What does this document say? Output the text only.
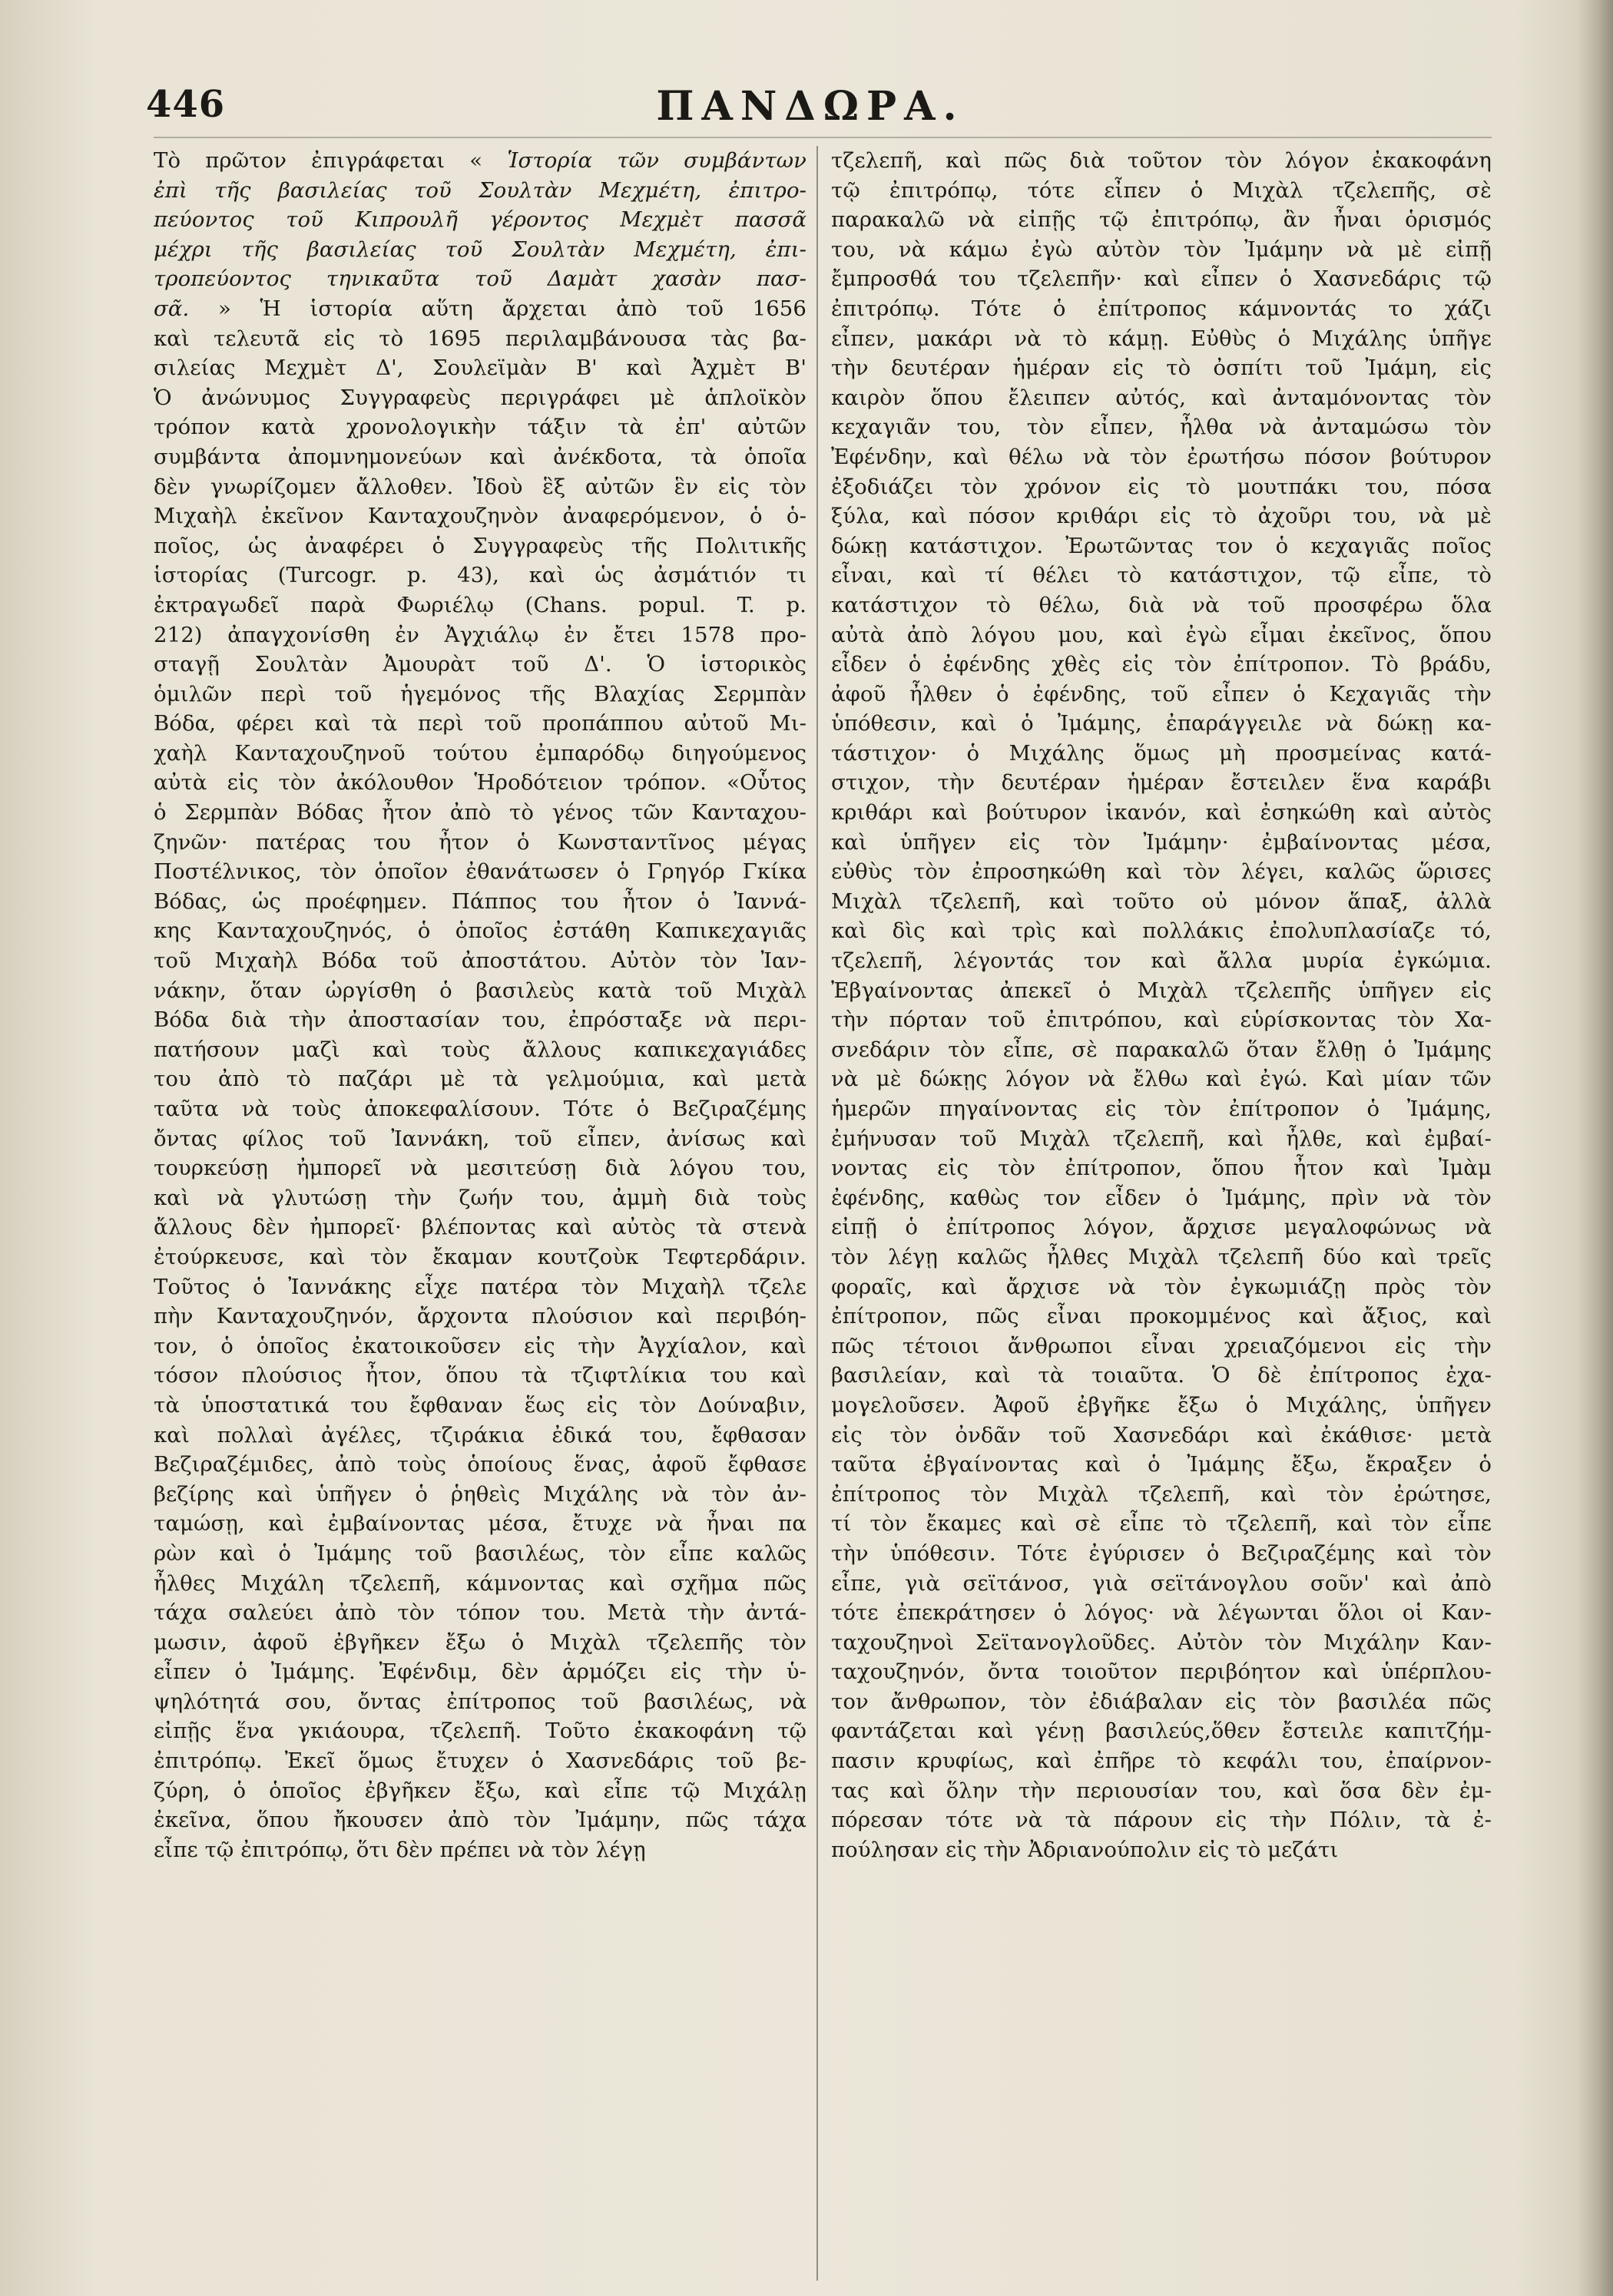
446	ΠΑΝΔΩΡΑ.
Τὸ πρῶτον ἐπιγράφεται « Ἱστορία τῶν συμβάντων
ἐπὶ τῆς βασιλείας τοῦ Σουλτὰν Μεχμέτη, ἐπιτρο-
πεύοντος τοῦ Κιπρουλῆ γέροντος Μεχμὲτ πασσᾶ
μέχρι τῆς βασιλείας τοῦ Σουλτὰν Μεχμέτη, ἐπι-
τροπεύοντος τηνικαῦτα τοῦ Δαμὰτ χασὰν πασ-
σᾶ. » Ἡ ἱστορία αὕτη ἄρχεται ἀπὸ τοῦ 1656
καὶ τελευτᾶ εἰς τὸ 1695 περιλαμβάνουσα τὰς βα-
σιλείας Μεχμὲτ Δ', Σουλεϊμὰν Β' καὶ Ἀχμὲτ Β'
Ὁ ἀνώνυμος Συγγραφεὺς περιγράφει μὲ ἁπλοϊκὸν
τρόπον κατὰ χρονολογικὴν τάξιν τὰ ἐπ' αὐτῶν
συμβάντα ἀπομνημονεύων καὶ ἀνέκδοτα, τὰ ὁποῖα
δὲν γνωρίζομεν ἄλλοθεν. Ἰδοὺ ἓξ αὐτῶν ἓν εἰς τὸν
Μιχαὴλ ἐκεῖνον Κανταχουζηνὸν ἀναφερόμενον, ὁ ὁ-
ποῖος, ὡς ἀναφέρει ὁ Συγγραφεὺς τῆς Πολιτικῆς
ἱστορίας (Turcogr. p. 43), καὶ ὡς ἀσμάτιόν τι
ἐκτραγωδεῖ παρὰ Φωριέλῳ (Chans. popul. T. p.
212) ἀπαγχονίσθη ἐν Ἀγχιάλῳ ἐν ἔτει 1578 προ-
σταγῇ Σουλτὰν Ἀμουρὰτ τοῦ Δ'. Ὁ ἱστορικὸς
ὁμιλῶν περὶ τοῦ ἡγεμόνος τῆς Βλαχίας Σερμπὰν
Βόδα, φέρει καὶ τὰ περὶ τοῦ προπάππου αὐτοῦ Μι-
χαὴλ Κανταχουζηνοῦ τούτου ἐμπαρόδῳ διηγούμενος
αὐτὰ εἰς τὸν ἀκόλουθον Ἡροδότειον τρόπον. «Οὗτος
ὁ Σερμπὰν Βόδας ἦτον ἀπὸ τὸ γένος τῶν Κανταχου-
ζηνῶν· πατέρας του ἦτον ὁ Κωνσταντῖνος μέγας
Ποστέλνικος, τὸν ὁποῖον ἐθανάτωσεν ὁ Γρηγόρ Γκίκα
Βόδας, ὡς προέφημεν. Πάππος του ἦτον ὁ Ἰαννά-
κης Κανταχουζηνός, ὁ ὁποῖος ἐστάθη Καπικεχαγιᾶς
τοῦ Μιχαὴλ Βόδα τοῦ ἀποστάτου. Αὐτὸν τὸν Ἰαν-
νάκην, ὅταν ὠργίσθη ὁ βασιλεὺς κατὰ τοῦ Μιχὰλ
Βόδα διὰ τὴν ἀποστασίαν του, ἐπρόσταξε νὰ περι-
πατήσουν μαζὶ καὶ τοὺς ἄλλους καπικεχαγιάδες
του ἀπὸ τὸ παζάρι μὲ τὰ γελμούμια, καὶ μετὰ
ταῦτα νὰ τοὺς ἀποκεφαλίσουν. Τότε ὁ Βεζιραζέμης
ὄντας φίλος τοῦ Ἰαννάκη, τοῦ εἶπεν, ἀνίσως καὶ
τουρκεύσῃ ἠμπορεῖ νὰ μεσιτεύσῃ διὰ λόγου του,
καὶ νὰ γλυτώσῃ τὴν ζωήν του, ἀμμὴ διὰ τοὺς
ἄλλους δὲν ἠμπορεῖ· βλέποντας καὶ αὐτὸς τὰ στενὰ
ἐτούρκευσε, καὶ τὸν ἔκαμαν κουτζοὺκ Τεφτερδάριν.
Τοῦτος ὁ Ἰαννάκης εἶχε πατέρα τὸν Μιχαὴλ τζελε
πὴν Κανταχουζηνόν, ἄρχοντα πλούσιον καὶ περιβόη-
τον, ὁ ὁποῖος ἐκατοικοῦσεν εἰς τὴν Ἀγχίαλον, καὶ
τόσον πλούσιος ἦτον, ὅπου τὰ τζιφτλίκια του καὶ
τὰ ὑποστατικά του ἔφθαναν ἕως εἰς τὸν Δούναβιν,
καὶ πολλαὶ ἀγέλες, τζιράκια ἐδικά του, ἔφθασαν
Βεζιραζέμιδες, ἀπὸ τοὺς ὁποίους ἕνας, ἀφοῦ ἔφθασε
βεζίρης καὶ ὑπῆγεν ὁ ῥηθεὶς Μιχάλης νὰ τὸν ἀν-
ταμώσῃ, καὶ ἐμβαίνοντας μέσα, ἔτυχε νὰ ἦναι πα
ρὼν καὶ ὁ Ἰμάμης τοῦ βασιλέως, τὸν εἶπε καλῶς
ἦλθες Μιχάλη τζελεπῆ, κάμνοντας καὶ σχῆμα πῶς
τάχα σαλεύει ἀπὸ τὸν τόπον του. Μετὰ τὴν ἀντά-
μωσιν, ἀφοῦ ἐβγῆκεν ἔξω ὁ Μιχὰλ τζελεπῆς τὸν
εἶπεν ὁ Ἰμάμης. Ἐφένδιμ, δὲν ἁρμόζει εἰς τὴν ὑ-
ψηλότητά σου, ὄντας ἐπίτροπος τοῦ βασιλέως, νὰ
εἰπῇς ἕνα γκιάουρα, τζελεπῆ. Τοῦτο ἐκακοφάνη τῷ
ἐπιτρόπῳ. Ἐκεῖ ὅμως ἔτυχεν ὁ Χασνεδάρις τοῦ βε-
ζύρη, ὁ ὁποῖος ἐβγῆκεν ἔξω, καὶ εἶπε τῷ Μιχάλῃ
ἐκεῖνα, ὅπου ἤκουσεν ἀπὸ τὸν Ἰμάμην, πῶς τάχα
εἶπε τῷ ἐπιτρόπῳ, ὅτι δὲν πρέπει νὰ τὸν λέγῃ
τζελεπῆ, καὶ πῶς διὰ τοῦτον τὸν λόγον ἐκακοφάνη
τῷ ἐπιτρόπῳ, τότε εἶπεν ὁ Μιχὰλ τζελεπῆς, σὲ
παρακαλῶ νὰ εἰπῇς τῷ ἐπιτρόπῳ, ἂν ἦναι ὁρισμός
του, νὰ κάμω ἐγὼ αὐτὸν τὸν Ἰμάμην νὰ μὲ εἰπῇ
ἔμπροσθά του τζελεπῆν· καὶ εἶπεν ὁ Χασνεδάρις τῷ
ἐπιτρόπῳ. Τότε ὁ ἐπίτροπος κάμνοντάς το χάζι
εἶπεν, μακάρι νὰ τὸ κάμῃ. Εὐθὺς ὁ Μιχάλης ὑπῆγε
τὴν δευτέραν ἡμέραν εἰς τὸ ὀσπίτι τοῦ Ἰμάμη, εἰς
καιρὸν ὅπου ἔλειπεν αὐτός, καὶ ἀνταμόνοντας τὸν
κεχαγιᾶν του, τὸν εἶπεν, ἦλθα νὰ ἀνταμώσω τὸν
Ἐφένδην, καὶ θέλω νὰ τὸν ἐρωτήσω πόσον βούτυρον
ἐξοδιάζει τὸν χρόνον εἰς τὸ μουτπάκι του, πόσα
ξύλα, καὶ πόσον κριθάρι εἰς τὸ ἀχοῦρι του, νὰ μὲ
δώκῃ κατάστιχον. Ἐρωτῶντας τον ὁ κεχαγιᾶς ποῖος
εἶναι, καὶ τί θέλει τὸ κατάστιχον, τῷ εἶπε, τὸ
κατάστιχον τὸ θέλω, διὰ νὰ τοῦ προσφέρω ὅλα
αὐτὰ ἀπὸ λόγου μου, καὶ ἐγὼ εἶμαι ἐκεῖνος, ὅπου
εἶδεν ὁ ἐφένδης χθὲς εἰς τὸν ἐπίτροπον. Τὸ βράδυ,
ἀφοῦ ἦλθεν ὁ ἐφένδης, τοῦ εἶπεν ὁ Κεχαγιᾶς τὴν
ὑπόθεσιν, καὶ ὁ Ἰμάμης, ἐπαράγγειλε νὰ δώκῃ κα-
τάστιχον· ὁ Μιχάλης ὅμως μὴ προσμείνας κατά-
στιχον, τὴν δευτέραν ἡμέραν ἔστειλεν ἕνα καράβι
κριθάρι καὶ βούτυρον ἱκανόν, καὶ ἐσηκώθη καὶ αὐτὸς
καὶ ὑπῆγεν εἰς τὸν Ἰμάμην· ἐμβαίνοντας μέσα,
εὐθὺς τὸν ἐπροσηκώθη καὶ τὸν λέγει, καλῶς ὥρισες
Μιχὰλ τζελεπῆ, καὶ τοῦτο οὐ μόνον ἅπαξ, ἀλλὰ
καὶ δὶς καὶ τρὶς καὶ πολλάκις ἐπολυπλασίαζε τό,
τζελεπῆ, λέγοντάς τον καὶ ἄλλα μυρία ἐγκώμια.
Ἐβγαίνοντας ἀπεκεῖ ὁ Μιχὰλ τζελεπῆς ὑπῆγεν εἰς
τὴν πόρταν τοῦ ἐπιτρόπου, καὶ εὑρίσκοντας τὸν Χα-
σνεδάριν τὸν εἶπε, σὲ παρακαλῶ ὅταν ἔλθῃ ὁ Ἰμάμης
νὰ μὲ δώκῃς λόγον νὰ ἔλθω καὶ ἐγώ. Καὶ μίαν τῶν
ἡμερῶν πηγαίνοντας εἰς τὸν ἐπίτροπον ὁ Ἰμάμης,
ἐμήνυσαν τοῦ Μιχὰλ τζελεπῆ, καὶ ἦλθε, καὶ ἐμβαί-
νοντας εἰς τὸν ἐπίτροπον, ὅπου ἦτον καὶ Ἰμὰμ
ἐφένδης, καθὼς τον εἶδεν ὁ Ἰμάμης, πρὶν νὰ τὸν
εἰπῇ ὁ ἐπίτροπος λόγον, ἄρχισε μεγαλοφώνως νὰ
τὸν λέγῃ καλῶς ἦλθες Μιχὰλ τζελεπῆ δύο καὶ τρεῖς
φοραῖς, καὶ ἄρχισε νὰ τὸν ἐγκωμιάζῃ πρὸς τὸν
ἐπίτροπον, πῶς εἶναι προκομμένος καὶ ἄξιος, καὶ
πῶς τέτοιοι ἄνθρωποι εἶναι χρειαζόμενοι εἰς τὴν
βασιλείαν, καὶ τὰ τοιαῦτα. Ὁ δὲ ἐπίτροπος ἐχα-
μογελοῦσεν. Ἀφοῦ ἐβγῆκε ἔξω ὁ Μιχάλης, ὑπῆγεν
εἰς τὸν ὀνδᾶν τοῦ Χασνεδάρι καὶ ἐκάθισε· μετὰ
ταῦτα ἐβγαίνοντας καὶ ὁ Ἰμάμης ἔξω, ἔκραξεν ὁ
ἐπίτροπος τὸν Μιχὰλ τζελεπῆ, καὶ τὸν ἐρώτησε,
τί τὸν ἔκαμες καὶ σὲ εἶπε τὸ τζελεπῆ, καὶ τὸν εἶπε
τὴν ὑπόθεσιν. Τότε ἐγύρισεν ὁ Βεζιραζέμης καὶ τὸν
εἶπε, γιὰ σεϊτάνοσ, γιὰ σεϊτάνογλου σοῦν' καὶ ἀπὸ
τότε ἐπεκράτησεν ὁ λόγος· νὰ λέγωνται ὅλοι οἱ Καν-
ταχουζηνοὶ Σεϊτανογλοῦδες. Αὐτὸν τὸν Μιχάλην Καν-
ταχουζηνόν, ὄντα τοιοῦτον περιβόητον καὶ ὑπέρπλου-
τον ἄνθρωπον, τὸν ἐδιάβαλαν εἰς τὸν βασιλέα πῶς
φαντάζεται καὶ γένῃ βασιλεύς,ὅθεν ἔστειλε καπιτζήμ-
πασιν κρυφίως, καὶ ἐπῆρε τὸ κεφάλι του, ἐπαίρνον-
τας καὶ ὅλην τὴν περιουσίαν του, καὶ ὅσα δὲν ἐμ-
πόρεσαν τότε νὰ τὰ πάρουν εἰς τὴν Πόλιν, τὰ ἐ-
πούλησαν εἰς τὴν Ἀδριανούπολιν εἰς τὸ μεζάτι
